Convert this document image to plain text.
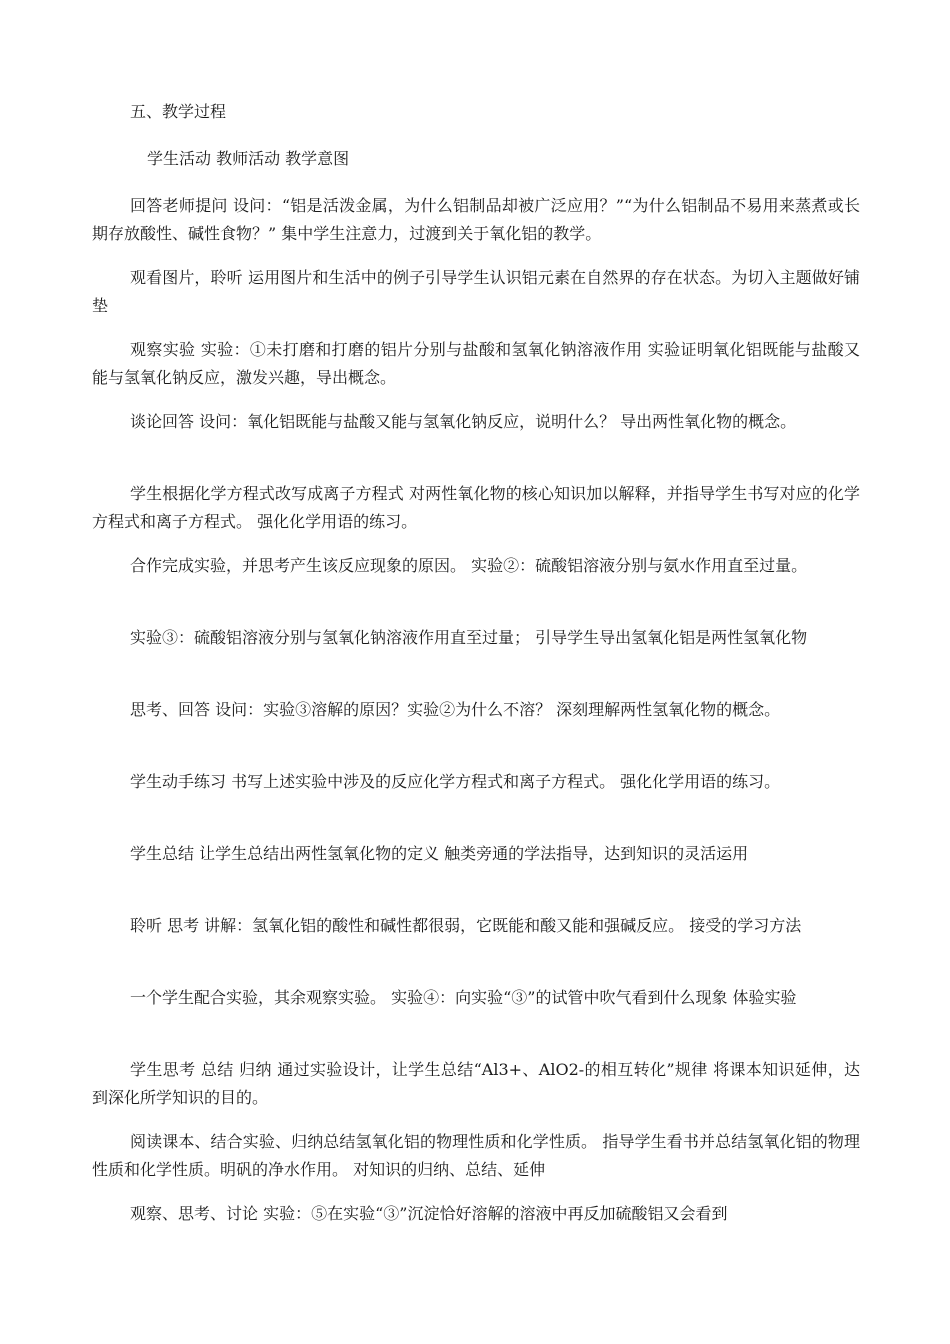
五、教学过程
学生活动 教师活动 教学意图

回答老师提问 设问：“铝是活泼金属，为什么铝制品却被广泛应用？”“为什么铝制品不易用来蒸煮或长期存放酸性、碱性食物？” 集中学生注意力，过渡到关于氧化铝的教学。

观看图片，聆听 运用图片和生活中的例子引导学生认识铝元素在自然界的存在状态。为切入主题做好铺垫

观察实验 实验：①未打磨和打磨的铝片分别与盐酸和氢氧化钠溶液作用 实验证明氧化铝既能与盐酸又能与氢氧化钠反应，激发兴趣，导出概念。

谈论回答 设问：氧化铝既能与盐酸又能与氢氧化钠反应，说明什么？ 导出两性氧化物的概念。

学生根据化学方程式改写成离子方程式 对两性氧化物的核心知识加以解释，并指导学生书写对应的化学方程式和离子方程式。 强化化学用语的练习。

合作完成实验，并思考产生该反应现象的原因。 实验②：硫酸铝溶液分别与氨水作用直至过量。

实验③：硫酸铝溶液分别与氢氧化钠溶液作用直至过量； 引导学生导出氢氧化铝是两性氢氧化物

思考、回答 设问：实验③溶解的原因？实验②为什么不溶？ 深刻理解两性氢氧化物的概念。

学生动手练习 书写上述实验中涉及的反应化学方程式和离子方程式。 强化化学用语的练习。

学生总结 让学生总结出两性氢氧化物的定义 触类旁通的学法指导，达到知识的灵活运用

聆听 思考 讲解：氢氧化铝的酸性和碱性都很弱，它既能和酸又能和强碱反应。 接受的学习方法

一个学生配合实验，其余观察实验。 实验④：向实验“③”的试管中吹气看到什么现象 体验实验

学生思考 总结 归纳 通过实验设计，让学生总结“Al3+、AlO2-的相互转化”规律 将课本知识延伸，达到深化所学知识的目的。

阅读课本、结合实验、归纳总结氢氧化铝的物理性质和化学性质。 指导学生看书并总结氢氧化铝的物理性质和化学性质。明矾的净水作用。 对知识的归纳、总结、延伸

观察、思考、讨论 实验：⑤在实验“③”沉淀恰好溶解的溶液中再反加硫酸铝又会看到
